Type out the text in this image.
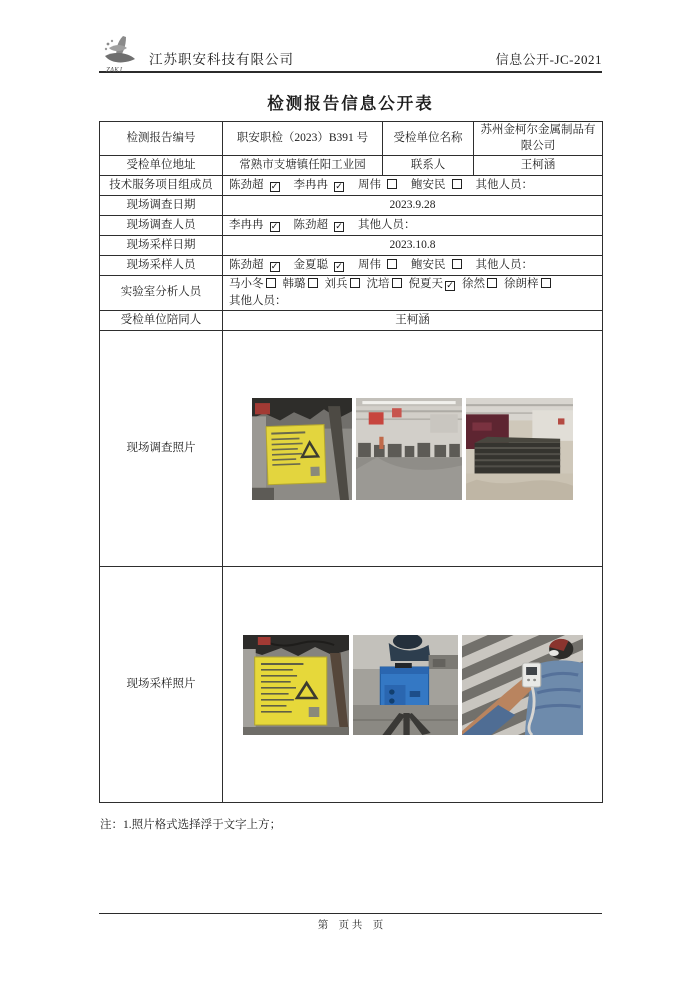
ZAKJ
江苏职安科技有限公司	信息公开-JC-2021
检测报告信息公开表
检测报告编号	职安职检（2023）B391 号	受检单位名称	苏州金柯尔金属制品有限公司
受检单位地址	常熟市支塘镇任阳工业园	联系人	王柯涵
技术服务项目组成员	陈劲超 ✓ 李冉冉 ✓ 周伟 鲍安民 其他人员：		
现场调查日期	2023.9.28		
现场调查人员	李冉冉 ✓ 陈劲超 ✓ 其他人员：		
现场采样日期	2023.10.8		
现场采样人员	陈劲超 ✓ 金夏聪 ✓ 周伟 鲍安民 其他人员：		
实验室分析人员	马小冬 韩璐 刘兵 沈培 倪夏天 ✓ 徐然 徐朗梓
其他人员：		

受检单位陪同人	王柯涵		
现场调查照片	

现场采样照片	
注：1.照片格式选择浮于文字上方；
第　页 共　页
